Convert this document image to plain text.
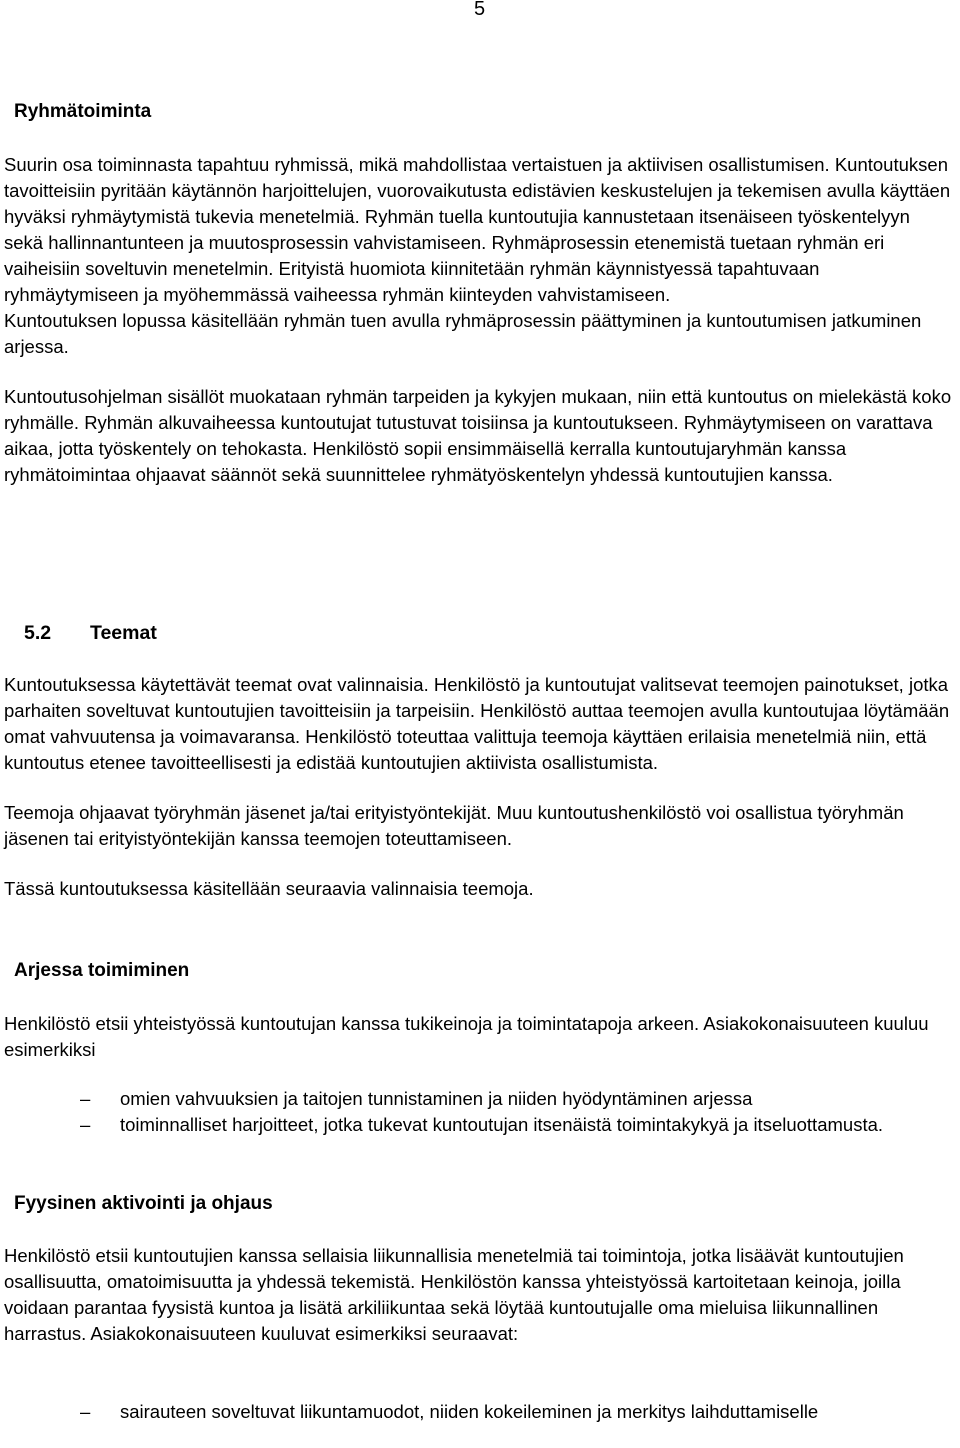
5
Ryhmätoiminta

Suurin osa toiminnasta tapahtuu ryhmissä, mikä mahdollistaa vertaistuen ja aktiivisen osallistumisen. Kuntoutuksen tavoitteisiin pyritään käytännön harjoittelujen, vuorovaikutusta edistävien keskustelujen ja tekemisen avulla käyttäen hyväksi ryhmäytymistä tukevia menetelmiä. Ryhmän tuella kuntoutujia kannustetaan itsenäiseen työskentelyyn sekä hallinnantunteen ja muutosprosessin vahvistamiseen. Ryhmäprosessin etenemistä tuetaan ryhmän eri vaiheisiin soveltuvin menetelmin. Erityistä huomiota kiinnitetään ryhmän käynnistyessä tapahtuvaan ryhmäytymiseen ja myöhemmässä vaiheessa ryhmän kiinteyden vahvistamiseen.

Kuntoutuksen lopussa käsitellään ryhmän tuen avulla ryhmäprosessin päättyminen ja kuntoutumisen jatkuminen arjessa.

Kuntoutusohjelman sisällöt muokataan ryhmän tarpeiden ja kykyjen mukaan, niin että kuntoutus on mielekästä koko ryhmälle. Ryhmän alkuvaiheessa kuntoutujat tutustuvat toisiinsa ja kuntoutukseen. Ryhmäytymiseen on varattava aikaa, jotta työskentely on tehokasta. Henkilöstö sopii ensimmäisellä kerralla kuntoutujaryhmän kanssa ryhmätoimintaa ohjaavat säännöt sekä suunnittelee ryhmätyöskentelyn yhdessä kuntoutujien kanssa.

5.2 Teemat

Kuntoutuksessa käytettävät teemat ovat valinnaisia. Henkilöstö ja kuntoutujat valitsevat teemojen painotukset, jotka parhaiten soveltuvat kuntoutujien tavoitteisiin ja tarpeisiin. Henkilöstö auttaa teemojen avulla kuntoutujaa löytämään omat vahvuutensa ja voimavaransa. Henkilöstö toteuttaa valittuja teemoja käyttäen erilaisia menetelmiä niin, että kuntoutus etenee tavoitteellisesti ja edistää kuntoutujien aktiivista osallistumista.

Teemoja ohjaavat työryhmän jäsenet ja/tai erityistyöntekijät. Muu kuntoutushenkilöstö voi osallistua työryhmän jäsenen tai erityistyöntekijän kanssa teemojen toteuttamiseen.

Tässä kuntoutuksessa käsitellään seuraavia valinnaisia teemoja.

Arjessa toimiminen

Henkilöstö etsii yhteistyössä kuntoutujan kanssa tukikeinoja ja toimintatapoja arkeen. Asiakokonaisuuteen kuuluu esimerkiksi

– omien vahvuuksien ja taitojen tunnistaminen ja niiden hyödyntäminen arjessa
– toiminnalliset harjoitteet, jotka tukevat kuntoutujan itsenäistä toimintakykyä ja itseluottamusta.
Fyysinen aktivointi ja ohjaus

Henkilöstö etsii kuntoutujien kanssa sellaisia liikunnallisia menetelmiä tai toimintoja, jotka lisäävät kuntoutujien osallisuutta, omatoimisuutta ja yhdessä tekemistä. Henkilöstön kanssa yhteistyössä kartoitetaan keinoja, joilla voidaan parantaa fyysistä kuntoa ja lisätä arkiliikuntaa sekä löytää kuntoutujalle oma mieluisa liikunnallinen harrastus. Asiakokonaisuuteen kuuluvat esimerkiksi seuraavat:

– sairauteen soveltuvat liikuntamuodot, niiden kokeileminen ja merkitys laihduttamiselle
